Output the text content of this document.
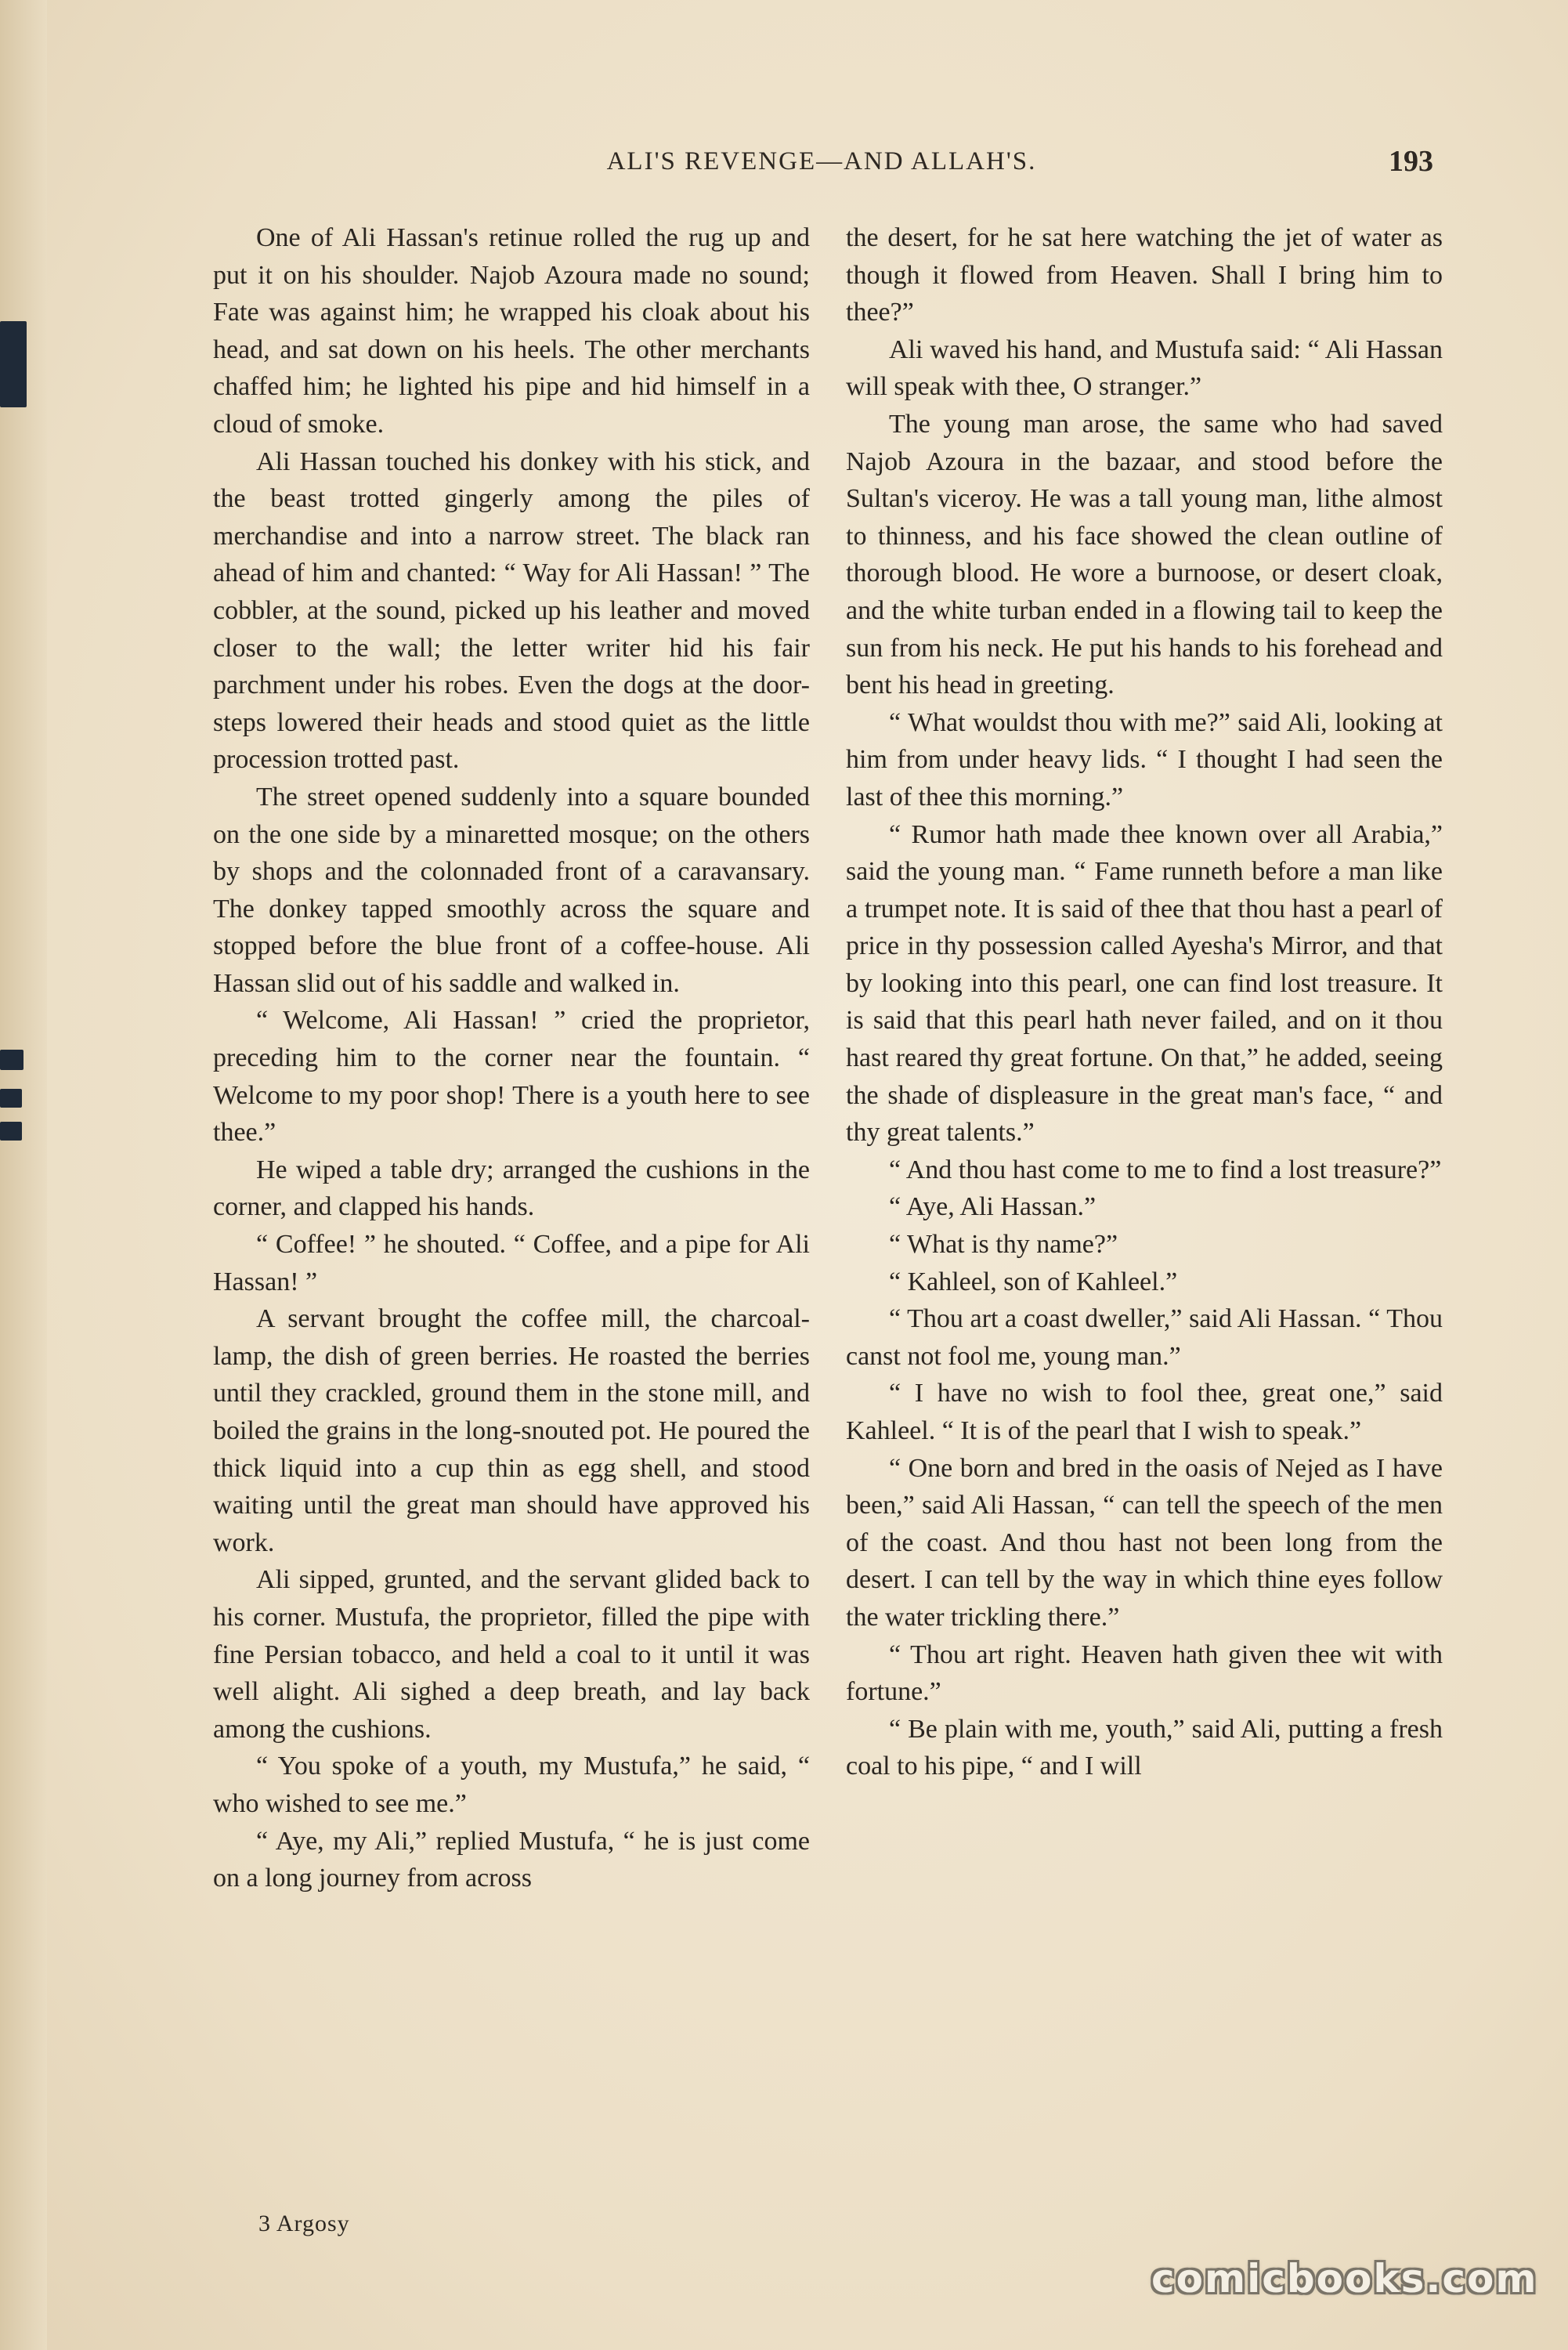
ALI'S REVENGE—AND ALLAH'S.	193

One of Ali Hassan's retinue rolled the rug up and put it on his shoulder. Najob Azoura made no sound; Fate was against him; he wrapped his cloak about his head, and sat down on his heels. The other merchants chaffed him; he lighted his pipe and hid himself in a cloud of smoke.

Ali Hassan touched his donkey with his stick, and the beast trotted gingerly among the piles of merchandise and into a narrow street. The black ran ahead of him and chanted: “ Way for Ali Hassan! ” The cobbler, at the sound, picked up his leather and moved closer to the wall; the letter writer hid his fair parchment under his robes. Even the dogs at the door-steps lowered their heads and stood quiet as the little procession trotted past.

The street opened suddenly into a square bounded on the one side by a minaretted mosque; on the others by shops and the colonnaded front of a caravansary. The donkey tapped smoothly across the square and stopped before the blue front of a coffee-house. Ali Hassan slid out of his saddle and walked in.

“ Welcome, Ali Hassan! ” cried the proprietor, preceding him to the corner near the fountain. “ Welcome to my poor shop! There is a youth here to see thee.”

He wiped a table dry; arranged the cushions in the corner, and clapped his hands.

“ Coffee! ” he shouted. “ Coffee, and a pipe for Ali Hassan! ”

A servant brought the coffee mill, the charcoal-lamp, the dish of green berries. He roasted the berries until they crackled, ground them in the stone mill, and boiled the grains in the long-snouted pot. He poured the thick liquid into a cup thin as egg shell, and stood waiting until the great man should have approved his work.

Ali sipped, grunted, and the servant glided back to his corner. Mustufa, the proprietor, filled the pipe with fine Persian tobacco, and held a coal to it until it was well alight. Ali sighed a deep breath, and lay back among the cushions.

“ You spoke of a youth, my Mustufa,” he said, “ who wished to see me.”

“ Aye, my Ali,” replied Mustufa, “ he is just come on a long journey from across

the desert, for he sat here watching the jet of water as though it flowed from Heaven. Shall I bring him to thee?”

Ali waved his hand, and Mustufa said: “ Ali Hassan will speak with thee, O stranger.”

The young man arose, the same who had saved Najob Azoura in the bazaar, and stood before the Sultan's viceroy. He was a tall young man, lithe almost to thinness, and his face showed the clean outline of thorough blood. He wore a burnoose, or desert cloak, and the white turban ended in a flowing tail to keep the sun from his neck. He put his hands to his forehead and bent his head in greeting.

“ What wouldst thou with me?” said Ali, looking at him from under heavy lids. “ I thought I had seen the last of thee this morning.”

“ Rumor hath made thee known over all Arabia,” said the young man. “ Fame runneth before a man like a trumpet note. It is said of thee that thou hast a pearl of price in thy possession called Ayesha's Mirror, and that by looking into this pearl, one can find lost treasure. It is said that this pearl hath never failed, and on it thou hast reared thy great fortune. On that,” he added, seeing the shade of displeasure in the great man's face, “ and thy great talents.”

“ And thou hast come to me to find a lost treasure?”

“ Aye, Ali Hassan.”

“ What is thy name?”

“ Kahleel, son of Kahleel.”

“ Thou art a coast dweller,” said Ali Hassan. “ Thou canst not fool me, young man.”

“ I have no wish to fool thee, great one,” said Kahleel. “ It is of the pearl that I wish to speak.”

“ One born and bred in the oasis of Nejed as I have been,” said Ali Hassan, “ can tell the speech of the men of the coast. And thou hast not been long from the desert. I can tell by the way in which thine eyes follow the water trickling there.”

“ Thou art right. Heaven hath given thee wit with fortune.”

“ Be plain with me, youth,” said Ali, putting a fresh coal to his pipe, “ and I will

3 Argosy
comicbooks.com
